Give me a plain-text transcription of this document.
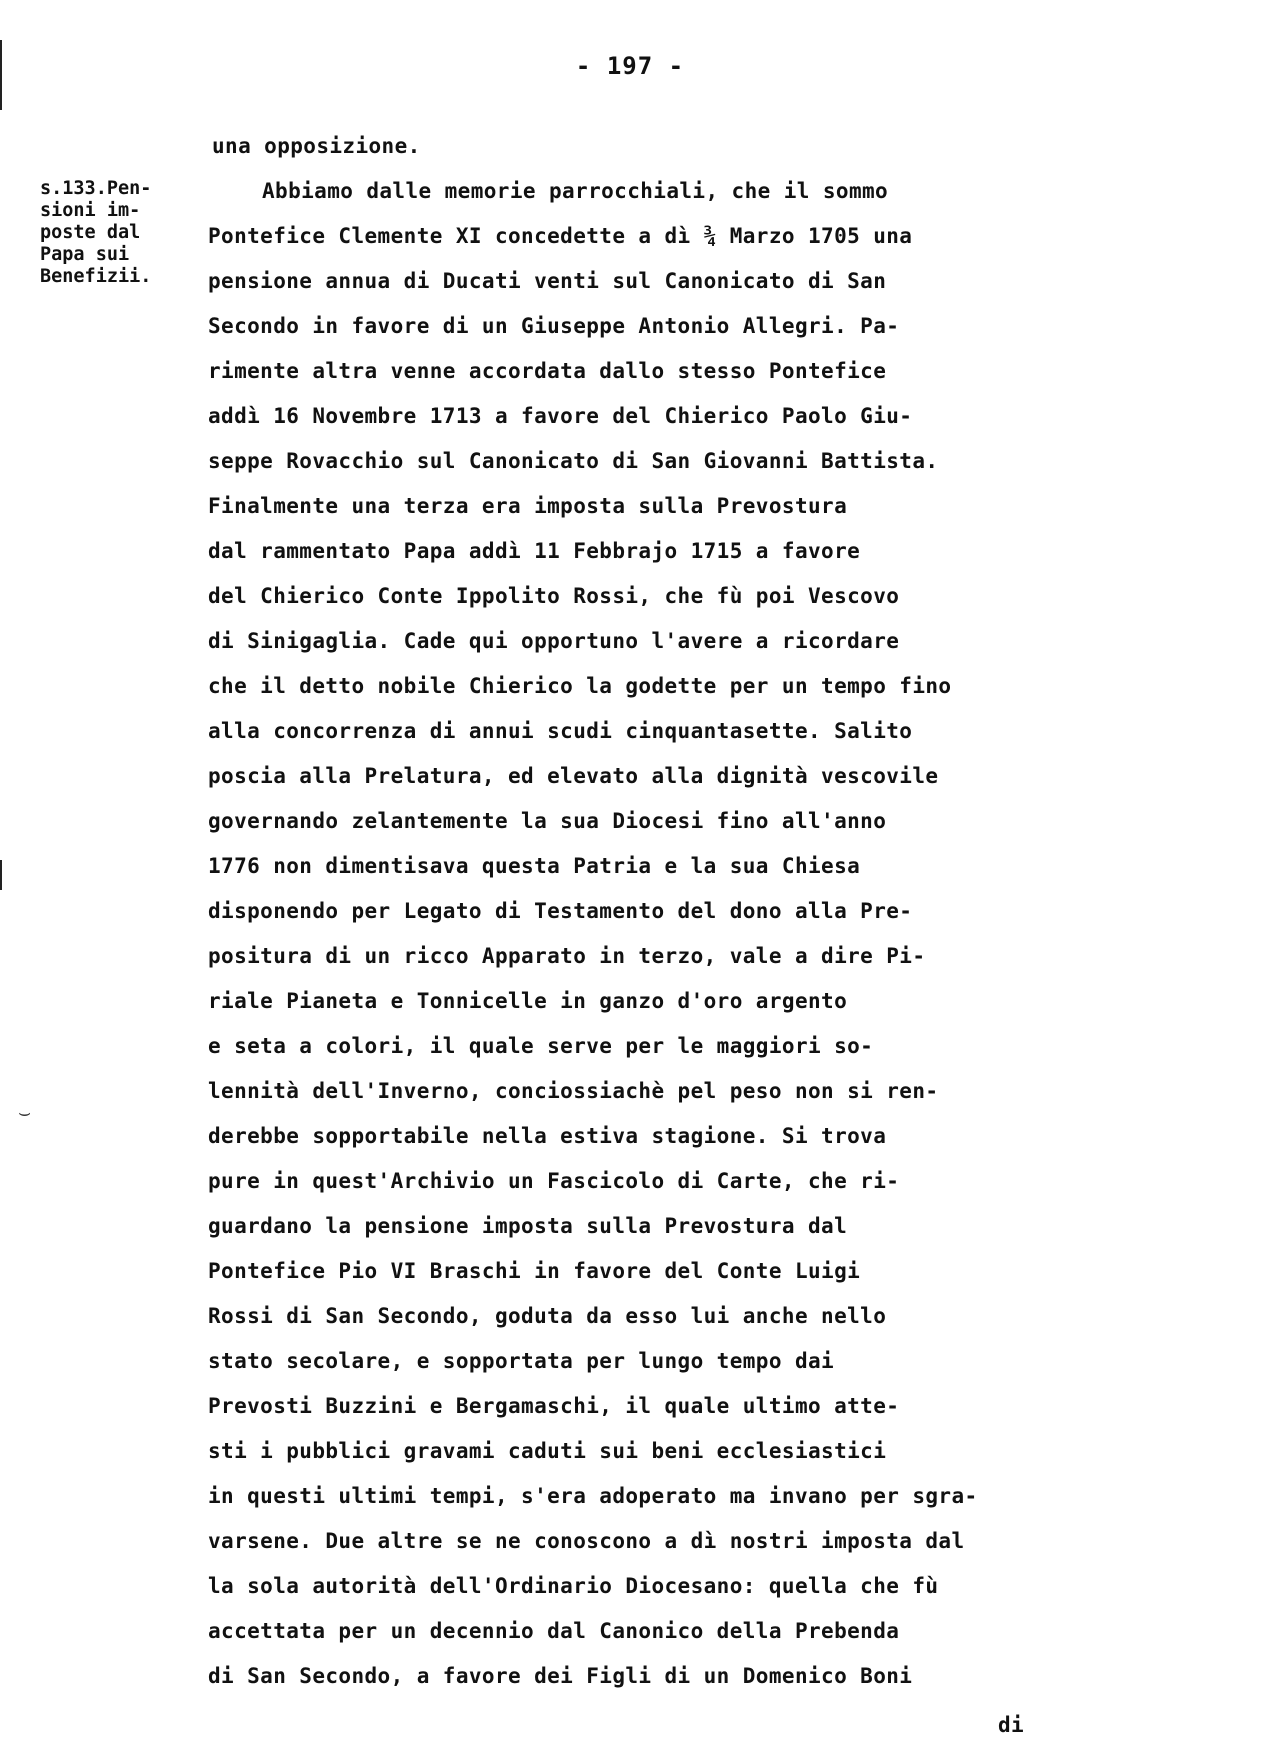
⌣
- 197 -
s.133.Pen-
sioni im-
poste dal
Papa sui
Benefizii.
una opposizione.
Abbiamo dalle memorie parrocchiali, che il sommo
Pontefice Clemente XI concedette a dì ¾ Marzo 1705 una
pensione annua di Ducati venti sul Canonicato di San
Secondo in favore di un Giuseppe Antonio Allegri. Pa-
rimente altra venne accordata dallo stesso Pontefice
addì 16 Novembre 1713 a favore del Chierico Paolo Giu-
seppe Rovacchio sul Canonicato di San Giovanni Battista.
Finalmente una terza era imposta sulla Prevostura
dal rammentato Papa addì 11 Febbrajo 1715 a favore
del Chierico Conte Ippolito Rossi, che fù poi Vescovo
di Sinigaglia. Cade qui opportuno l'avere a ricordare
che il detto nobile Chierico la godette per un tempo fino
alla concorrenza di annui scudi cinquantasette. Salito
poscia alla Prelatura, ed elevato alla dignità vescovile
governando zelantemente la sua Diocesi fino all'anno
1776 non dimentisava questa Patria e la sua Chiesa
disponendo per Legato di Testamento del dono alla Pre-
positura di un ricco Apparato in terzo, vale a dire Pi-
riale Pianeta e Tonnicelle in ganzo d'oro argento
e seta a colori, il quale serve per le maggiori so-
lennità dell'Inverno, conciossiachè pel peso non si ren-
derebbe sopportabile nella estiva stagione. Si trova
pure in quest'Archivio un Fascicolo di Carte, che ri-
guardano la pensione imposta sulla Prevostura dal
Pontefice Pio VI Braschi in favore del Conte Luigi
Rossi di San Secondo, goduta da esso lui anche nello
stato secolare, e sopportata per lungo tempo dai
Prevosti Buzzini e Bergamaschi, il quale ultimo atte-
sti i pubblici gravami caduti sui beni ecclesiastici
in questi ultimi tempi, s'era adoperato ma invano per sgra-
varsene. Due altre se ne conoscono a dì nostri imposta dal
la sola autorità dell'Ordinario Diocesano: quella che fù
accettata per un decennio dal Canonico della Prebenda
di San Secondo, a favore dei Figli di un Domenico Boni
di
